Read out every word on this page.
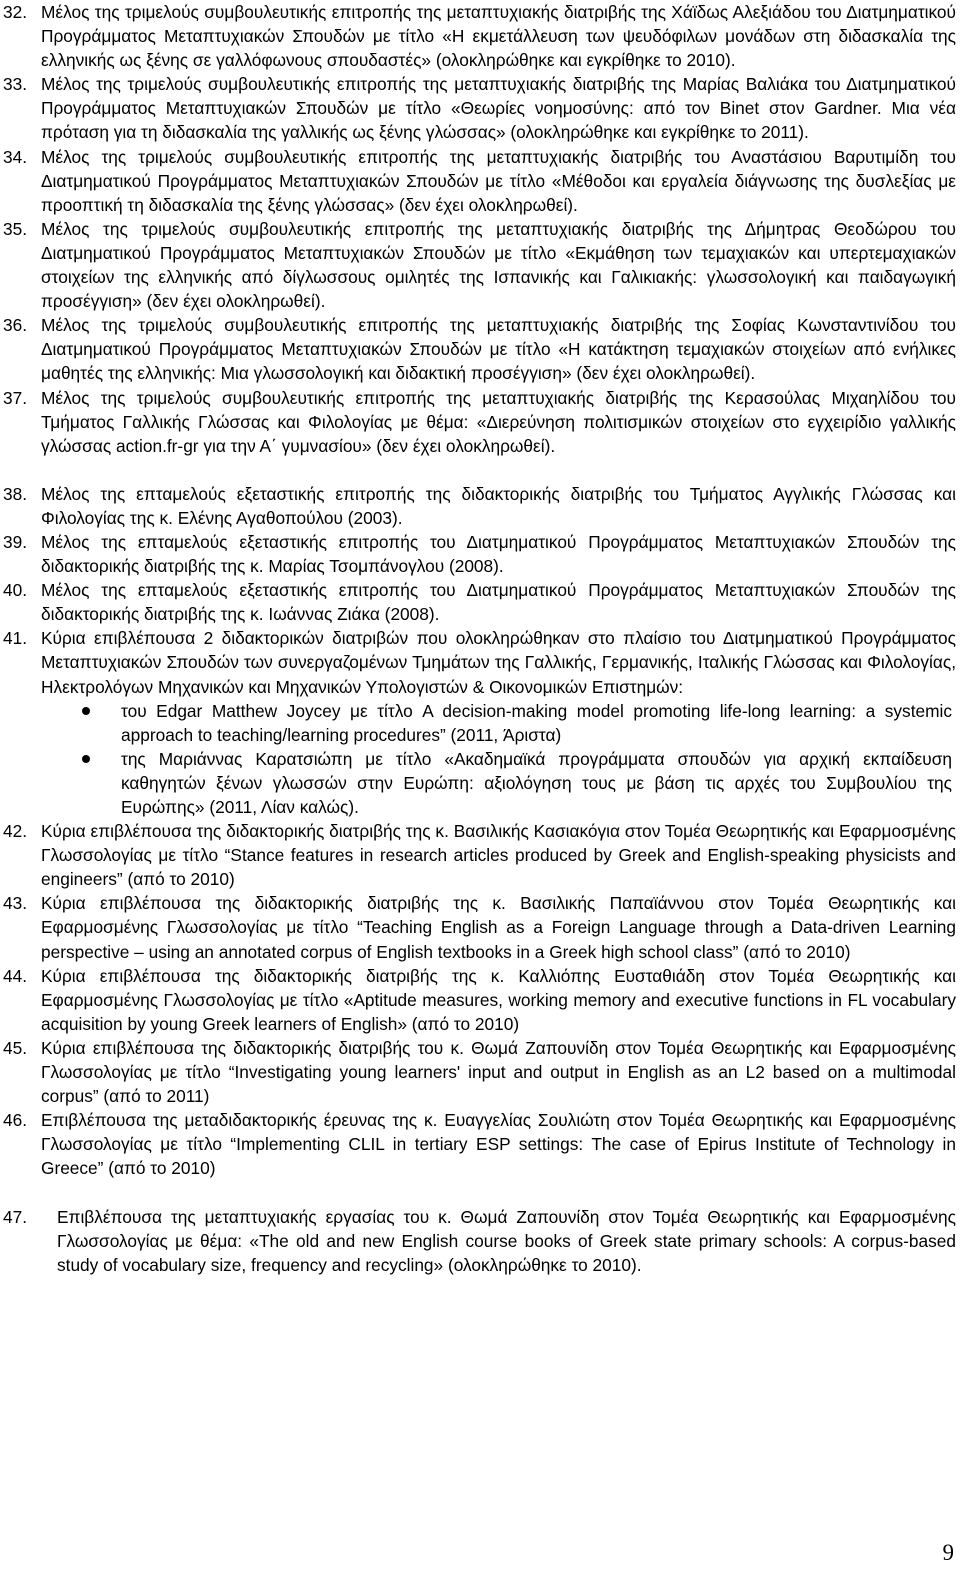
32. Μέλος της τριμελούς συμβουλευτικής επιτροπής της μεταπτυχιακής διατριβής της Χάϊδως Αλεξιάδου του Διατμηματικού Προγράμματος Μεταπτυχιακών Σπουδών με τίτλο «Η εκμετάλλευση των ψευδόφιλων μονάδων στη διδασκαλία της ελληνικής ως ξένης σε γαλλόφωνους σπουδαστές» (ολοκληρώθηκε και εγκρίθηκε το 2010).
33. Μέλος της τριμελούς συμβουλευτικής επιτροπής της μεταπτυχιακής διατριβής της Μαρίας Βαλιάκα του Διατμηματικού Προγράμματος Μεταπτυχιακών Σπουδών με τίτλο «Θεωρίες νοημοσύνης: από τον Binet στον Gardner. Μια νέα πρόταση για τη διδασκαλία της γαλλικής ως ξένης γλώσσας» (ολοκληρώθηκε και εγκρίθηκε το 2011).
34. Μέλος της τριμελούς συμβουλευτικής επιτροπής της μεταπτυχιακής διατριβής του Αναστάσιου Βαρυτιμίδη του Διατμηματικού Προγράμματος Μεταπτυχιακών Σπουδών με τίτλο «Μέθοδοι και εργαλεία διάγνωσης της δυσλεξίας με προοπτική τη διδασκαλία της ξένης γλώσσας» (δεν έχει ολοκληρωθεί).
35. Μέλος της τριμελούς συμβουλευτικής επιτροπής της μεταπτυχιακής διατριβής της Δήμητρας Θεοδώρου του Διατμηματικού Προγράμματος Μεταπτυχιακών Σπουδών με τίτλο «Εκμάθηση των τεμαχιακών και υπερτεμαχιακών στοιχείων της ελληνικής από δίγλωσσους ομιλητές της Ισπανικής και Γαλικιακής: γλωσσολογική και παιδαγωγική προσέγγιση» (δεν έχει ολοκληρωθεί).
36. Μέλος της τριμελούς συμβουλευτικής επιτροπής της μεταπτυχιακής διατριβής της Σοφίας Κωνσταντινίδου του Διατμηματικού Προγράμματος Μεταπτυχιακών Σπουδών με τίτλο «Η κατάκτηση τεμαχιακών στοιχείων από ενήλικες μαθητές της ελληνικής: Μια γλωσσολογική και διδακτική προσέγγιση» (δεν έχει ολοκληρωθεί).
37. Μέλος της τριμελούς συμβουλευτικής επιτροπής της μεταπτυχιακής διατριβής της Κερασούλας Μιχαηλίδου του Τμήματος Γαλλικής Γλώσσας και Φιλολογίας με θέμα: «Διερεύνηση πολιτισμικών στοιχείων στο εγχειρίδιο γαλλικής γλώσσας action.fr-gr για την Α΄ γυμνασίου» (δεν έχει ολοκληρωθεί).
38. Μέλος της επταμελούς εξεταστικής επιτροπής της διδακτορικής διατριβής του Τμήματος Αγγλικής Γλώσσας και Φιλολογίας της κ. Ελένης Αγαθοπούλου (2003).
39. Μέλος της επταμελούς εξεταστικής επιτροπής του Διατμηματικού Προγράμματος Μεταπτυχιακών Σπουδών της διδακτορικής διατριβής της κ. Μαρίας Τσομπάνογλου (2008).
40. Μέλος της επταμελούς εξεταστικής επιτροπής του Διατμηματικού Προγράμματος Μεταπτυχιακών Σπουδών της διδακτορικής διατριβής της κ. Ιωάννας Ζιάκα (2008).
41. Κύρια επιβλέπουσα 2 διδακτορικών διατριβών που ολοκληρώθηκαν στο πλαίσιο του Διατμηματικού Προγράμματος Μεταπτυχιακών Σπουδών των συνεργαζομένων Τμημάτων της Γαλλικής, Γερμανικής, Ιταλικής Γλώσσας και Φιλολογίας, Ηλεκτρολόγων Μηχανικών και Μηχανικών Υπολογιστών & Οικονομικών Επιστημών:
του Edgar Matthew Joycey με τίτλο A decision-making model promoting life-long learning: a systemic approach to teaching/learning procedures” (2011, Άριστα)
της Μαριάννας Καρατσιώπη με τίτλο «Ακαδημαϊκά προγράμματα σπουδών για αρχική εκπαίδευση καθηγητών ξένων γλωσσών στην Ευρώπη: αξιολόγηση τους με βάση τις αρχές του Συμβουλίου της Ευρώπης» (2011, Λίαν καλώς).
42. Κύρια επιβλέπουσα της διδακτορικής διατριβής της κ. Βασιλικής Κασιακόγια στον Τομέα Θεωρητικής και Εφαρμοσμένης Γλωσσολογίας με τίτλο “Stance features in research articles produced by Greek and English-speaking physicists and engineers” (από το 2010)
43. Κύρια επιβλέπουσα της διδακτορικής διατριβής της κ. Βασιλικής Παπαϊάννου στον Τομέα Θεωρητικής και Εφαρμοσμένης Γλωσσολογίας με τίτλο “Teaching English as a Foreign Language through a Data-driven Learning perspective – using an annotated corpus of English textbooks in a Greek high school class” (από το 2010)
44. Κύρια επιβλέπουσα της διδακτορικής διατριβής της κ. Καλλιόπης Ευσταθιάδη στον Τομέα Θεωρητικής και Εφαρμοσμένης Γλωσσολογίας με τίτλο «Aptitude measures, working memory and executive functions in FL vocabulary acquisition by young Greek learners of English» (από το 2010)
45. Κύρια επιβλέπουσα της διδακτορικής διατριβής του κ. Θωμά Ζαπουνίδη στον Τομέα Θεωρητικής και Εφαρμοσμένης Γλωσσολογίας με τίτλο “Investigating young learners' input and output in English as an L2 based on a multimodal corpus” (από το 2011)
46. Επιβλέπουσα της μεταδιδακτορικής έρευνας της κ. Ευαγγελίας Σουλιώτη στον Τομέα Θεωρητικής και Εφαρμοσμένης Γλωσσολογίας με τίτλο “Implementing CLIL in tertiary ESP settings: The case of Epirus Institute of Technology in Greece” (από το 2010)
47.	Επιβλέπουσα της μεταπτυχιακής εργασίας του κ. Θωμά Ζαπουνίδη στον Τομέα Θεωρητικής και Εφαρμοσμένης Γλωσσολογίας με θέμα: «The old and new English course books of Greek state primary schools: A corpus-based study of vocabulary size, frequency and recycling» (ολοκληρώθηκε το 2010).
9
